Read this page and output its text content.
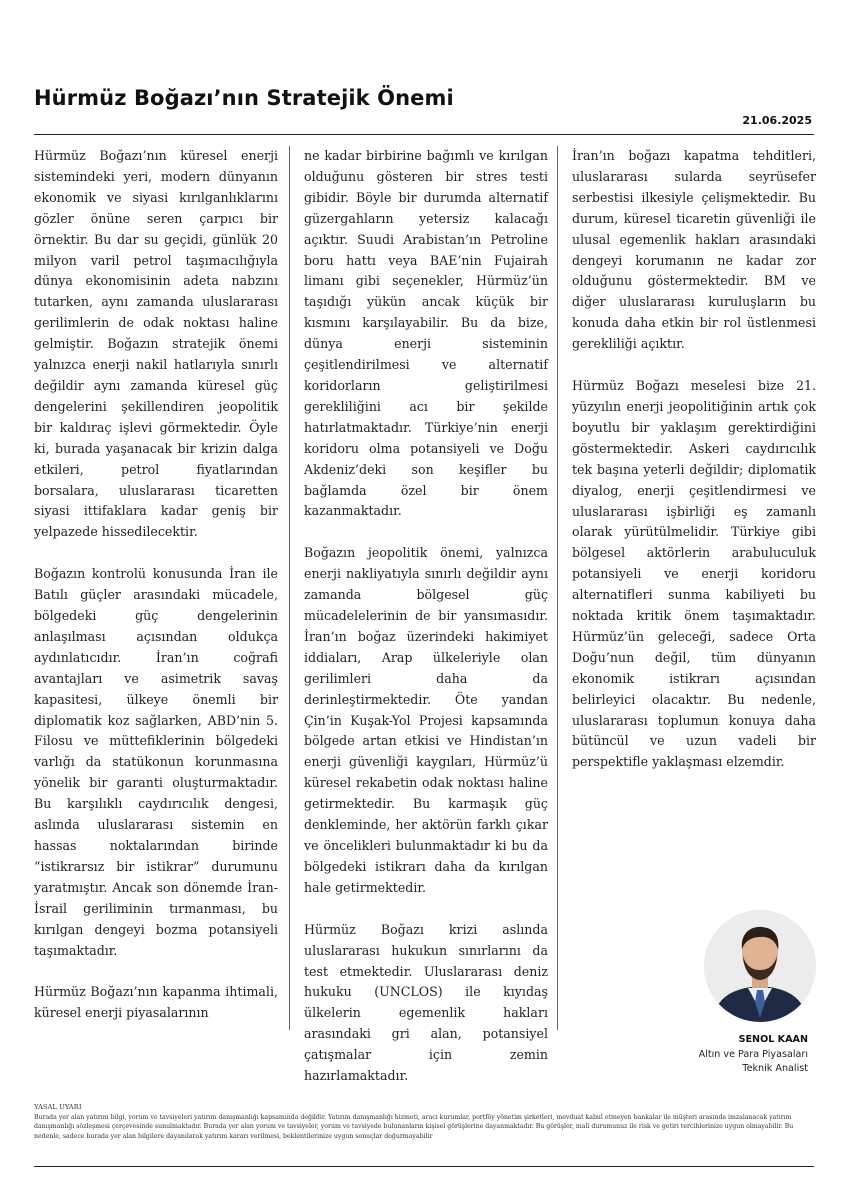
Hürmüz Boğazı’nın Stratejik Önemi
21.06.2025

Hürmüz Boğazı’nın küresel enerji sistemindeki yeri, modern dünyanın ekonomik ve siyasi kırılganlıklarını gözler önüne seren çarpıcı bir örnektir. Bu dar su geçidi, günlük 20 milyon varil petrol taşımacılığıyla dünya ekonomisinin adeta nabzını tutarken, aynı zamanda uluslararası gerilimlerin de odak noktası haline gelmiştir. Boğazın stratejik önemi yalnızca enerji nakil hatlarıyla sınırlı değildir aynı zamanda küresel güç dengelerini şekillendiren jeopolitik bir kaldıraç işlevi görmektedir. Öyle ki, burada yaşanacak bir krizin dalga etkileri, petrol fiyatlarından borsalara, uluslararası ticaretten siyasi ittifaklara kadar geniş bir yelpazede hissedilecektir.

Boğazın kontrolü konusunda İran ile Batılı güçler arasındaki mücadele, bölgedeki güç dengelerinin anlaşılması açısından oldukça aydınlatıcıdır. İran’ın coğrafi avantajları ve asimetrik savaş kapasitesi, ülkeye önemli bir diplomatik koz sağlarken, ABD’nin 5. Filosu ve müttefiklerinin bölgedeki varlığı da statükonun korunmasına yönelik bir garanti oluşturmaktadır. Bu karşılıklı caydırıcılık dengesi, aslında uluslararası sistemin en hassas noktalarından birinde “istikrarsız bir istikrar” durumunu yaratmıştır. Ancak son dönemde İran-İsrail geriliminin tırmanması, bu kırılgan dengeyi bozma potansiyeli taşımaktadır.

Hürmüz Boğazı’nın kapanma ihtimali, küresel enerji piyasalarının

ne kadar birbirine bağımlı ve kırılgan olduğunu gösteren bir stres testi gibidir. Böyle bir durumda alternatif güzergahların yetersiz kalacağı açıktır. Suudi Arabistan’ın Petroline boru hattı veya BAE’nin Fujairah limanı gibi seçenekler, Hürmüz’ün taşıdığı yükün ancak küçük bir kısmını karşılayabilir. Bu da bize, dünya enerji sisteminin çeşitlendirilmesi ve alternatif koridorların geliştirilmesi gerekliliğini acı bir şekilde hatırlatmaktadır. Türkiye’nin enerji koridoru olma potansiyeli ve Doğu Akdeniz’deki son keşifler bu bağlamda özel bir önem kazanmaktadır.

Boğazın jeopolitik önemi, yalnızca enerji nakliyatıyla sınırlı değildir aynı zamanda bölgesel güç mücadelelerinin de bir yansımasıdır. İran’ın boğaz üzerindeki hakimiyet iddiaları, Arap ülkeleriyle olan gerilimleri daha da derinleştirmektedir. Öte yandan Çin’in Kuşak-Yol Projesi kapsamında bölgede artan etkisi ve Hindistan’ın enerji güvenliği kaygıları, Hürmüz’ü küresel rekabetin odak noktası haline getirmektedir. Bu karmaşık güç denkleminde, her aktörün farklı çıkar ve öncelikleri bulunmaktadır ki bu da bölgedeki istikrarı daha da kırılgan hale getirmektedir.

Hürmüz Boğazı krizi aslında uluslararası hukukun sınırlarını da test etmektedir. Uluslararası deniz hukuku (UNCLOS) ile kıyıdaş ülkelerin egemenlik hakları arasındaki gri alan, potansiyel çatışmalar için zemin hazırlamaktadır.

İran’ın boğazı kapatma tehditleri, uluslararası sularda seyrüsefer serbestisi ilkesiyle çelişmektedir. Bu durum, küresel ticaretin güvenliği ile ulusal egemenlik hakları arasındaki dengeyi korumanın ne kadar zor olduğunu göstermektedir. BM ve diğer uluslararası kuruluşların bu konuda daha etkin bir rol üstlenmesi gerekliliği açıktır.

Hürmüz Boğazı meselesi bize 21. yüzyılın enerji jeopolitiğinin artık çok boyutlu bir yaklaşım gerektirdiğini göstermektedir. Askeri caydırıcılık tek başına yeterli değildir; diplomatik diyalog, enerji çeşitlendirmesi ve uluslararası işbirliği eş zamanlı olarak yürütülmelidir. Türkiye gibi bölgesel aktörlerin arabuluculuk potansiyeli ve enerji koridoru alternatifleri sunma kabiliyeti bu noktada kritik önem taşımaktadır. Hürmüz’ün geleceği, sadece Orta Doğu’nun değil, tüm dünyanın ekonomik istikrarı açısından belirleyici olacaktır. Bu nedenle, uluslararası toplumun konuya daha bütüncül ve uzun vadeli bir perspektifle yaklaşması elzemdir.

SENOL KAAN
Altın ve Para Piyasaları
Teknik Analist
YASAL UYARI
Burada yer alan yatırım bilgi, yorum ve tavsiyeleri yatırım danışmanlığı kapsamında değildir. Yatırım danışmanlığı hizmeti, aracı kurumlar, portföy yönetim şirketleri, mevduat kabul etmeyen bankalar ile müşteri arasında imzalanacak yatırım danışmanlığı sözleşmesi çerçevesinde sunulmaktadır. Burada yer alan yorum ve tavsiyeler, yorum ve tavsiyede bulunanların kişisel görüşlerine dayanmaktadır. Bu görüşler, mali durumunuz ile risk ve getiri tercihlerinize uygun olmayabilir. Bu nedenle, sadece burada yer alan bilgilere dayanılarak yatırım kararı verilmesi, beklentilerinize uygun sonuçlar doğurmayabilir
